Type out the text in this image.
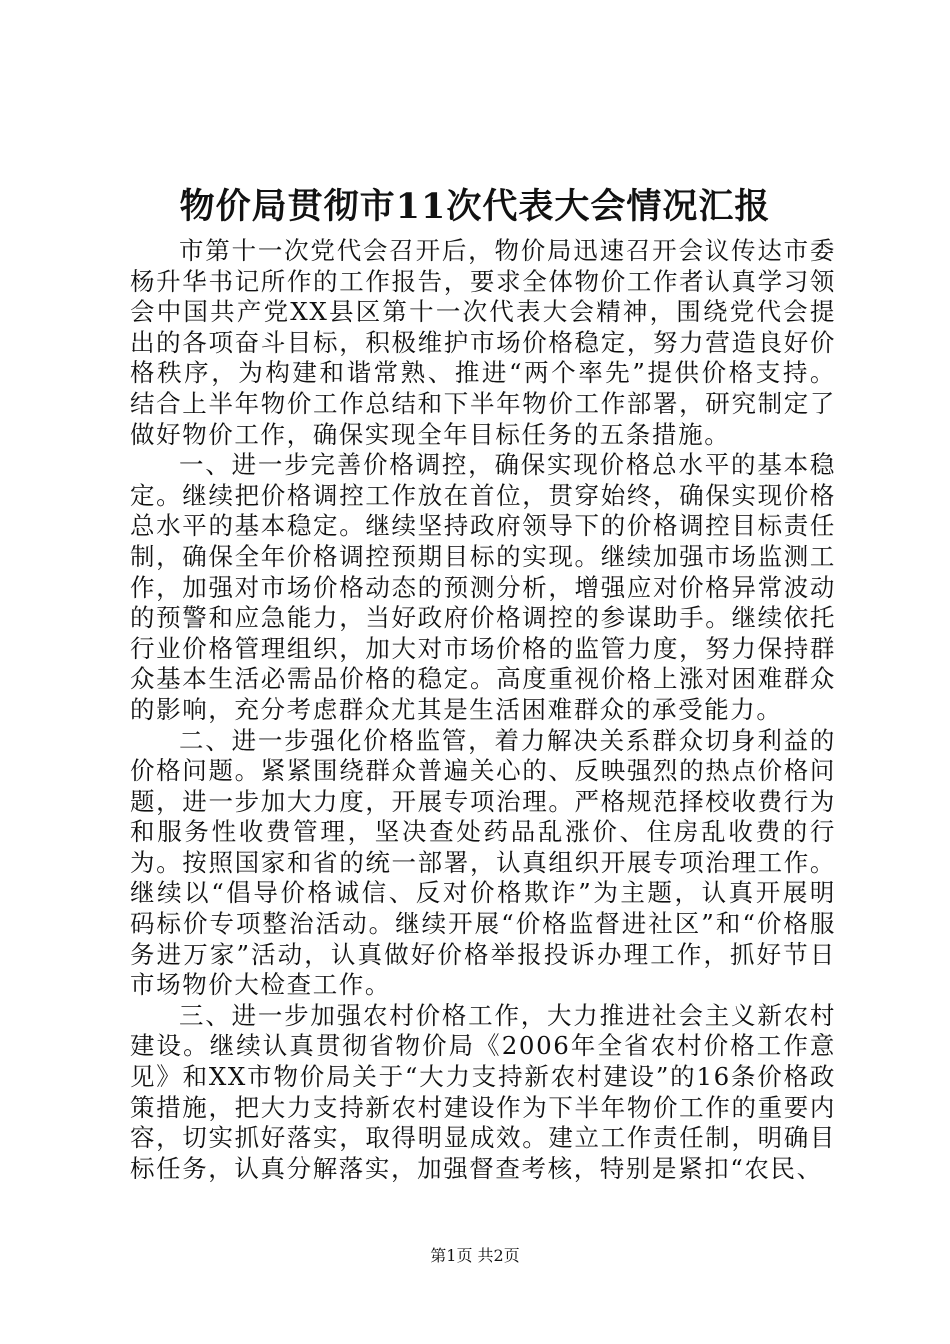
物价局贯彻市11次代表大会情况汇报

市第十一次党代会召开后，物价局迅速召开会议传达市委杨升华书记所作的工作报告，要求全体物价工作者认真学习领会中国共产党XX县区第十一次代表大会精神，围绕党代会提出的各项奋斗目标，积极维护市场价格稳定，努力营造良好价格秩序，为构建和谐常熟、推进“两个率先”提供价格支持。结合上半年物价工作总结和下半年物价工作部署，研究制定了做好物价工作，确保实现全年目标任务的五条措施。

一、进一步完善价格调控，确保实现价格总水平的基本稳定。继续把价格调控工作放在首位，贯穿始终，确保实现价格总水平的基本稳定。继续坚持政府领导下的价格调控目标责任制，确保全年价格调控预期目标的实现。继续加强市场监测工作，加强对市场价格动态的预测分析，增强应对价格异常波动的预警和应急能力，当好政府价格调控的参谋助手。继续依托行业价格管理组织，加大对市场价格的监管力度，努力保持群众基本生活必需品价格的稳定。高度重视价格上涨对困难群众的影响，充分考虑群众尤其是生活困难群众的承受能力。

二、进一步强化价格监管，着力解决关系群众切身利益的价格问题。紧紧围绕群众普遍关心的、反映强烈的热点价格问题，进一步加大力度，开展专项治理。严格规范择校收费行为和服务性收费管理，坚决查处药品乱涨价、住房乱收费的行为。按照国家和省的统一部署，认真组织开展专项治理工作。继续以“倡导价格诚信、反对价格欺诈”为主题，认真开展明码标价专项整治活动。继续开展“价格监督进社区”和“价格服务进万家”活动，认真做好价格举报投诉办理工作，抓好节日市场物价大检查工作。

三、进一步加强农村价格工作，大力推进社会主义新农村建设。继续认真贯彻省物价局《2006年全省农村价格工作意见》和XX市物价局关于“大力支持新农村建设”的16条价格政策措施，把大力支持新农村建设作为下半年物价工作的重要内容，切实抓好落实，取得明显成效。建立工作责任制，明确目标任务，认真分解落实，加强督查考核，特别是紧扣“农民、

第1页 共2页
